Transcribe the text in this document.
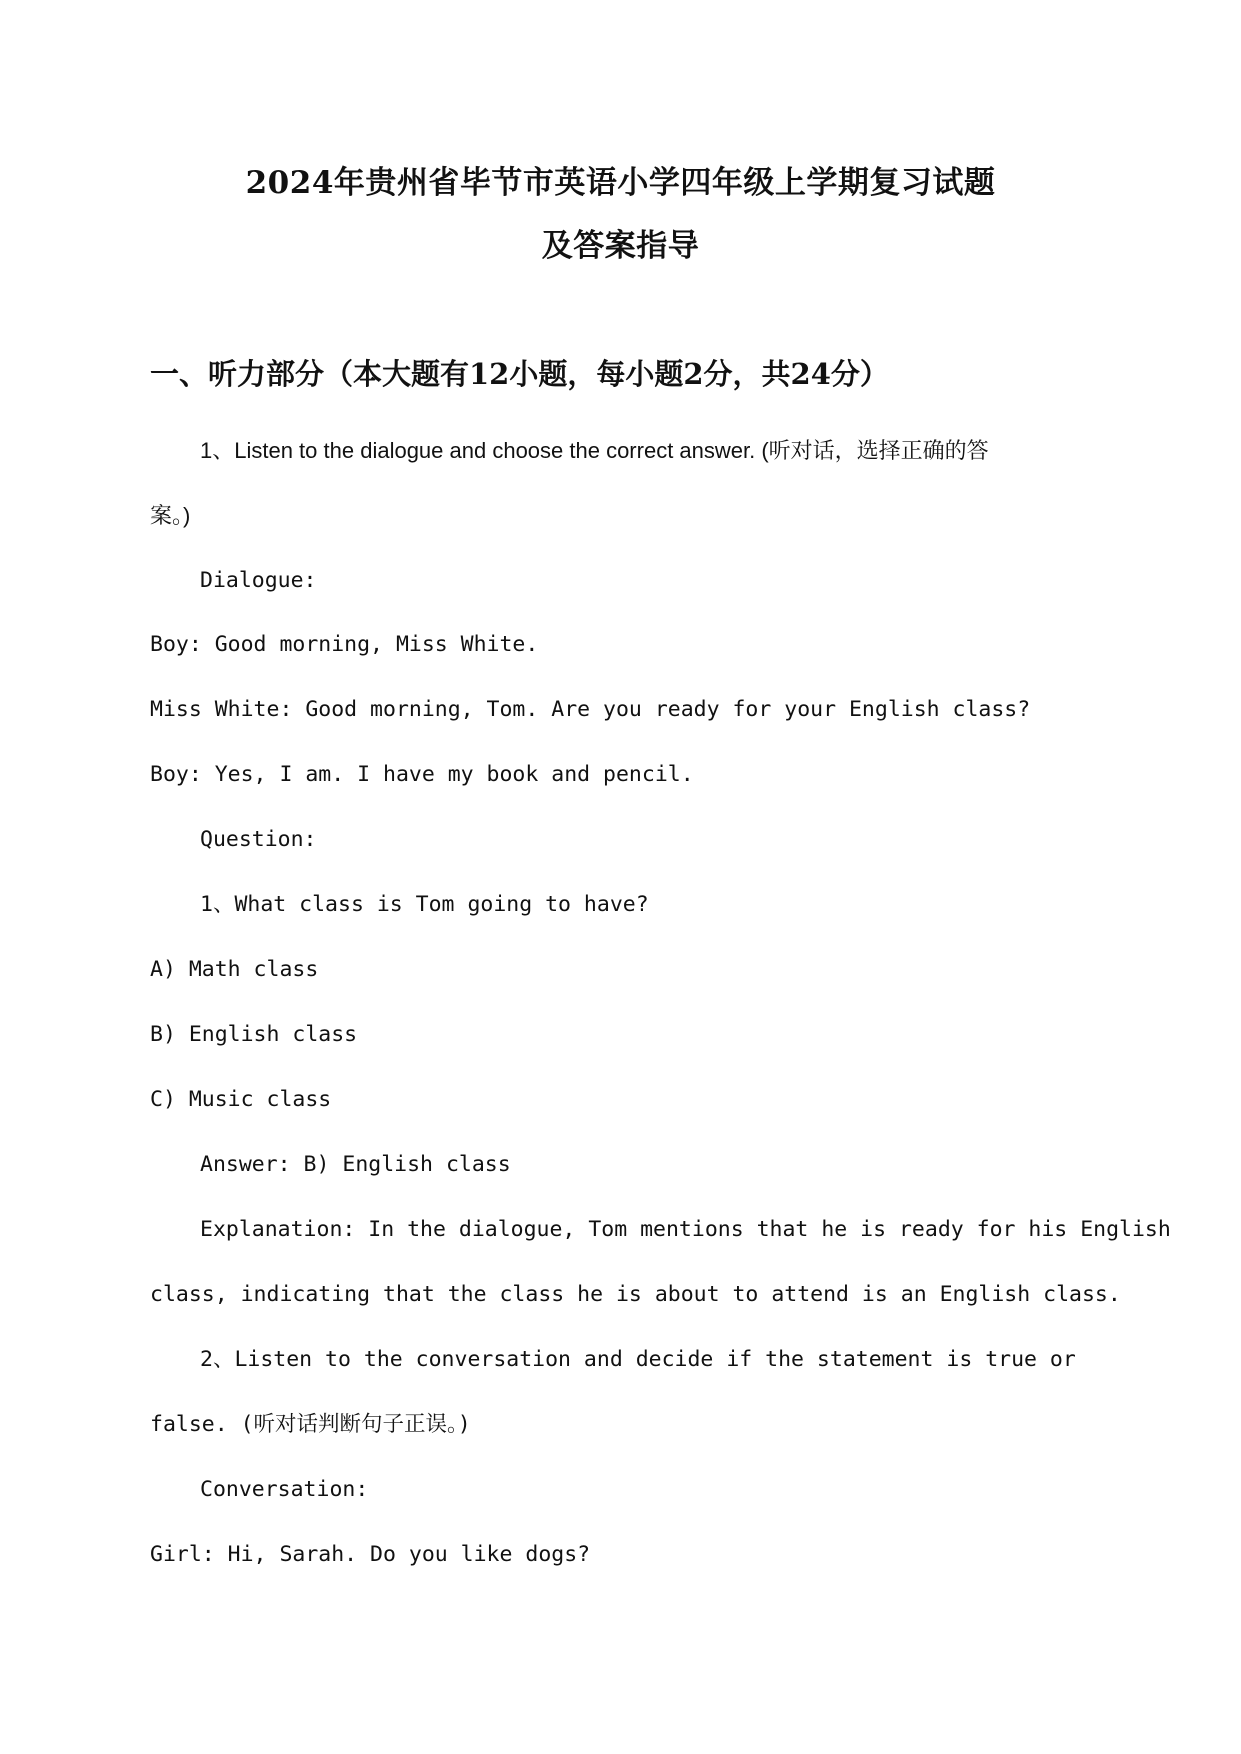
2024年贵州省毕节市英语小学四年级上学期复习试题
及答案指导
一、听力部分（本大题有12小题，每小题2分，共24分）
1、Listen to the dialogue and choose the correct answer. (听对话，选择正确的答
案。)
Dialogue:
Boy: Good morning, Miss White.
Miss White: Good morning, Tom. Are you ready for your English class?
Boy: Yes, I am. I have my book and pencil.
Question:
1、What class is Tom going to have?
A) Math class
B) English class
C) Music class
Answer: B) English class
Explanation: In the dialogue, Tom mentions that he is ready for his English
class, indicating that the class he is about to attend is an English class.
2、Listen to the conversation and decide if the statement is true or
false. (听对话判断句子正误。)
Conversation:
Girl: Hi, Sarah. Do you like dogs?
